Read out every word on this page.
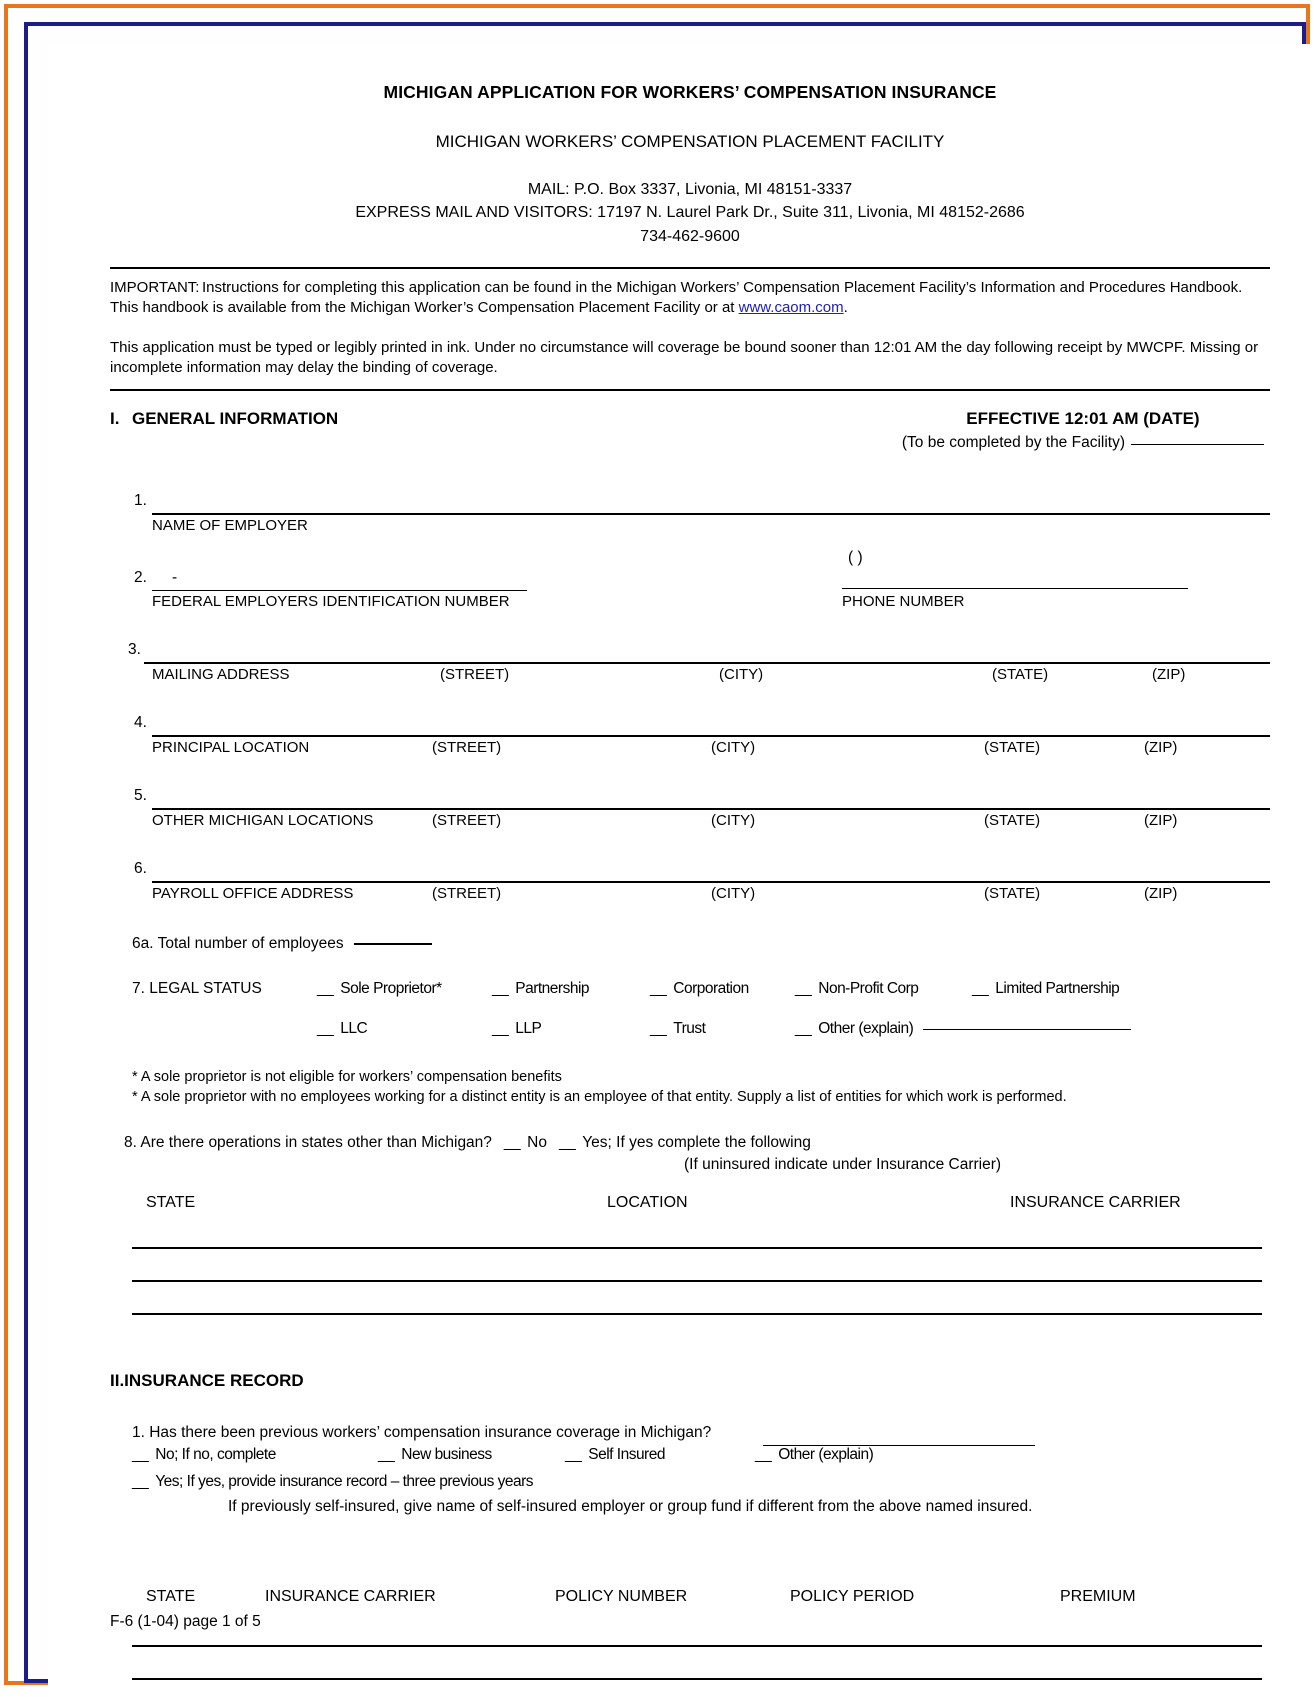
MICHIGAN APPLICATION FOR WORKERS’ COMPENSATION INSURANCE
MICHIGAN WORKERS’ COMPENSATION PLACEMENT FACILITY
MAIL: P.O. Box 3337, Livonia, MI 48151-3337
EXPRESS MAIL AND VISITORS: 17197 N. Laurel Park Dr., Suite 311, Livonia, MI 48152-2686
734-462-9600

IMPORTANT: Instructions for completing this application can be found in the Michigan Workers’ Compensation Placement Facility’s Information and Procedures Handbook. This handbook is available from the Michigan Worker’s Compensation Placement Facility or at www.caom.com.

This application must be typed or legibly printed in ink. Under no circumstance will coverage be bound sooner than 12:01 AM the day following receipt by MWCPF. Missing or incomplete information may delay the binding of coverage.

I. GENERAL INFORMATION	EFFECTIVE 12:01 AM (DATE)
(To be completed by the Facility)
1.
NAME OF EMPLOYER
2. -
( )
FEDERAL EMPLOYERS IDENTIFICATION NUMBER	PHONE NUMBER
3.
MAILING ADDRESS	(STREET)	(CITY)	(STATE)	(ZIP)
4.
PRINCIPAL LOCATION	(STREET)	(CITY)	(STATE)	(ZIP)
5.
OTHER MICHIGAN LOCATIONS	(STREET)	(CITY)	(STATE)	(ZIP)
6.
PAYROLL OFFICE ADDRESS	(STREET)	(CITY)	(STATE)	(ZIP)
6a. Total number of employees
7. LEGAL STATUS	__ Sole Proprietor*	__ Partnership	__ Corporation	__ Non-Profit Corp	__ Limited Partnership
__ LLC	__ LLP	__ Trust	__ Other (explain)
* A sole proprietor is not eligible for workers’ compensation benefits
* A sole proprietor with no employees working for a distinct entity is an employee of that entity. Supply a list of entities for which work is performed.
8. Are there operations in states other than Michigan? __ No __ Yes; If yes complete the following
(If uninsured indicate under Insurance Carrier)
STATE	LOCATION	INSURANCE CARRIER
II.INSURANCE RECORD
1. Has there been previous workers’ compensation insurance coverage in Michigan?
__ No; If no, complete	__ New business	__ Self Insured	__ Other (explain)
__ Yes; If yes, provide insurance record – three previous years
If previously self-insured, give name of self-insured employer or group fund if different from the above named insured.
STATE	INSURANCE CARRIER	POLICY NUMBER	POLICY PERIOD	PREMIUM
F-6 (1-04) page 1 of 5
